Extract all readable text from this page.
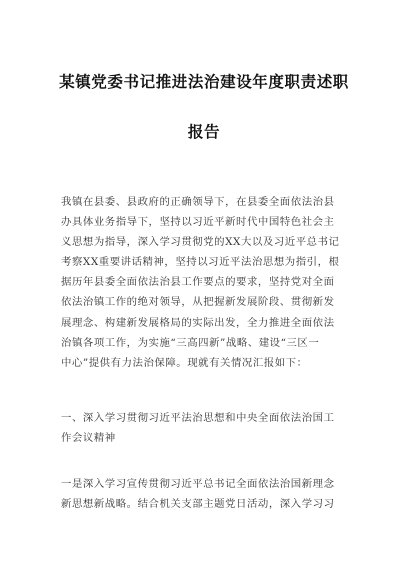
某镇党委书记推进法治建设年度职责述职
报告
我镇在县委、县政府的正确领导下，在县委全面依法治县
办具体业务指导下，坚持以习近平新时代中国特色社会主
义思想为指导，深入学习贯彻党的XX大以及习近平总书记
考察XX重要讲话精神，坚持以习近平法治思想为指引，根
据历年县委全面依法治县工作要点的要求，坚持党对全面
依法治镇工作的绝对领导，从把握新发展阶段、贯彻新发
展理念、构建新发展格局的实际出发，全力推进全面依法
治镇各项工作，为实施“三高四新”战略、建设“三区一
中心”提供有力法治保障。现就有关情况汇报如下：
一、深入学习贯彻习近平法治思想和中央全面依法治国工
作会议精神
一是深入学习宣传贯彻习近平总书记全面依法治国新理念
新思想新战略。结合机关支部主题党日活动，深入学习习
